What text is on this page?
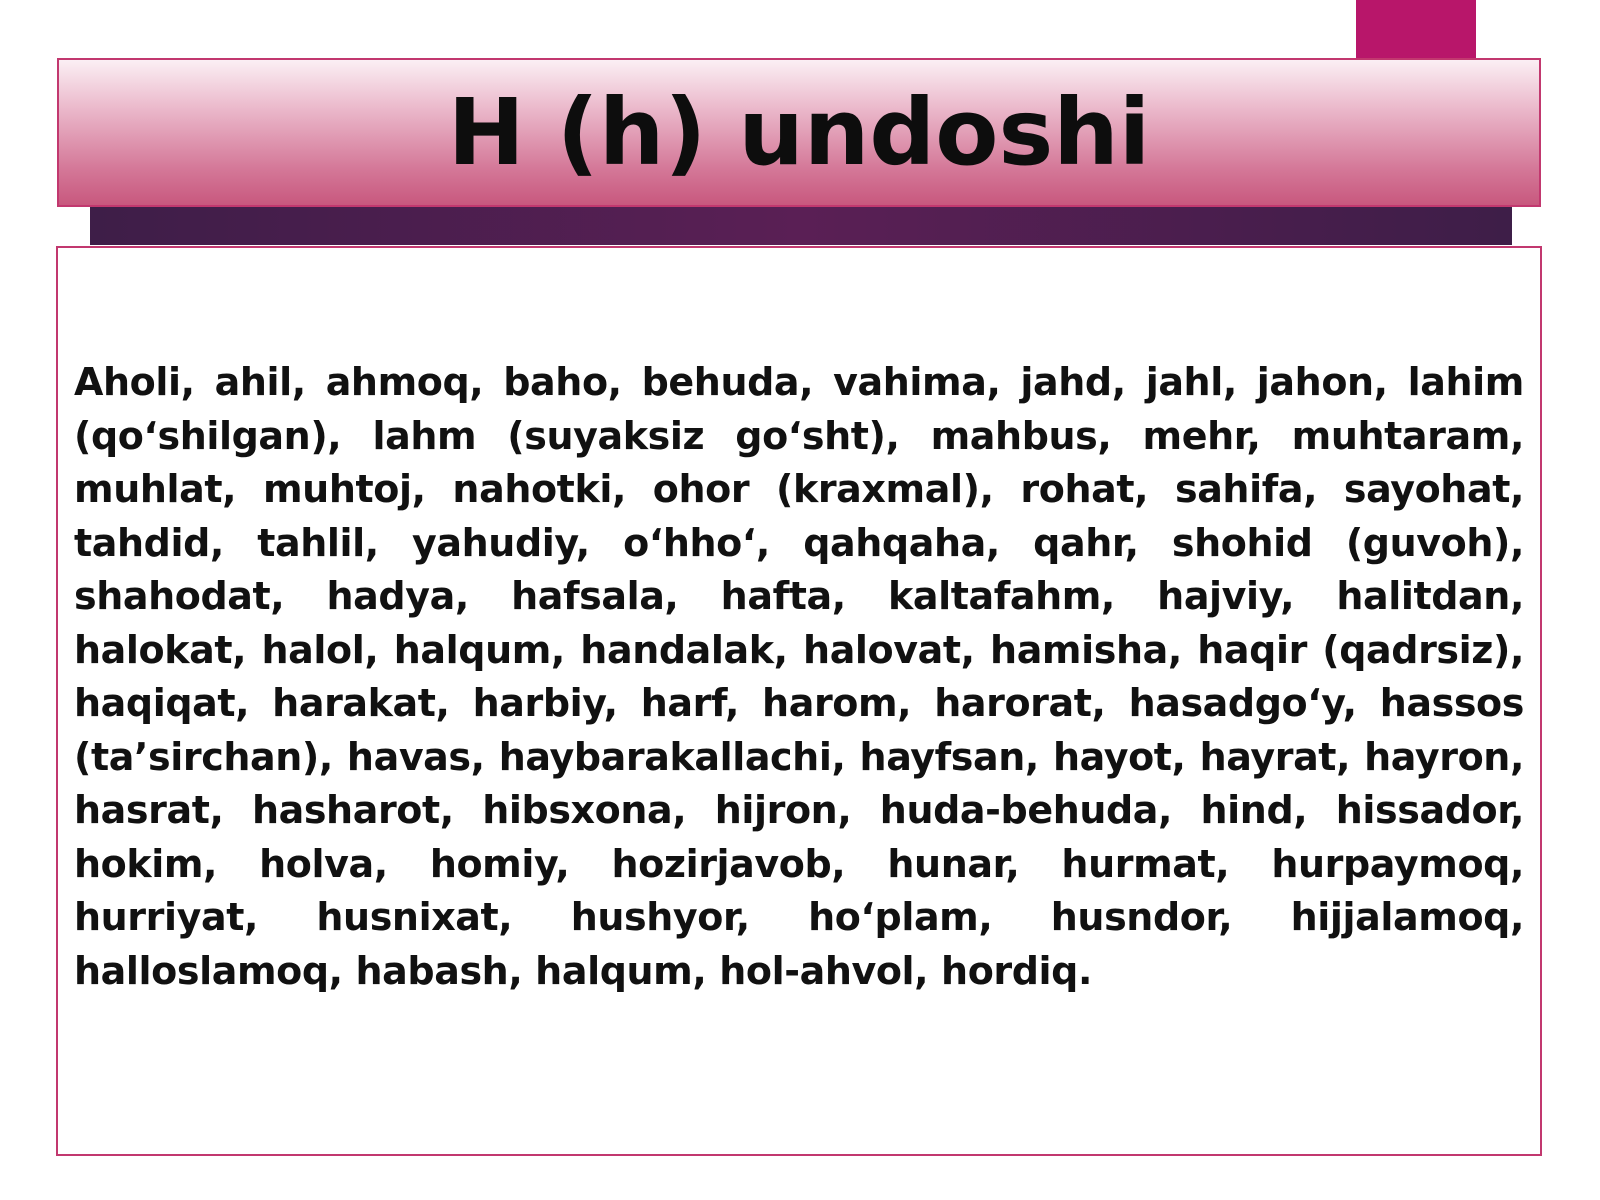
H (h) undoshi

Aholi, ahil, ahmoq, baho, behuda, vahima, jahd, jahl, jahon, lahim (qo‘shilgan), lahm (suyaksiz go‘sht), mahbus, mehr, muhtaram, muhlat, muhtoj, nahotki, ohor (kraxmal), rohat, sahifa, sayohat, tahdid, tahlil, yahudiy, o‘hho‘, qahqaha, qahr, shohid (guvoh), shahodat, hadya, hafsala, hafta, kaltafahm, hajviy, halitdan, halokat, halol, halqum, handalak, halovat, hamisha, haqir (qadrsiz), haqiqat, harakat, harbiy, harf, harom, harorat, hasadgo‘y, hassos (ta’sirchan), havas, haybarakallachi, hayfsan, hayot, hayrat, hayron, hasrat, hasharot, hibsxona, hijron, huda-behuda, hind, hissador, hokim, holva, homiy, hozirjavob, hunar, hurmat, hurpaymoq, hurriyat, husnixat, hushyor, ho‘plam, husndor, hijjalamoq, halloslamoq, habash, halqum, hol-ahvol, hordiq.
